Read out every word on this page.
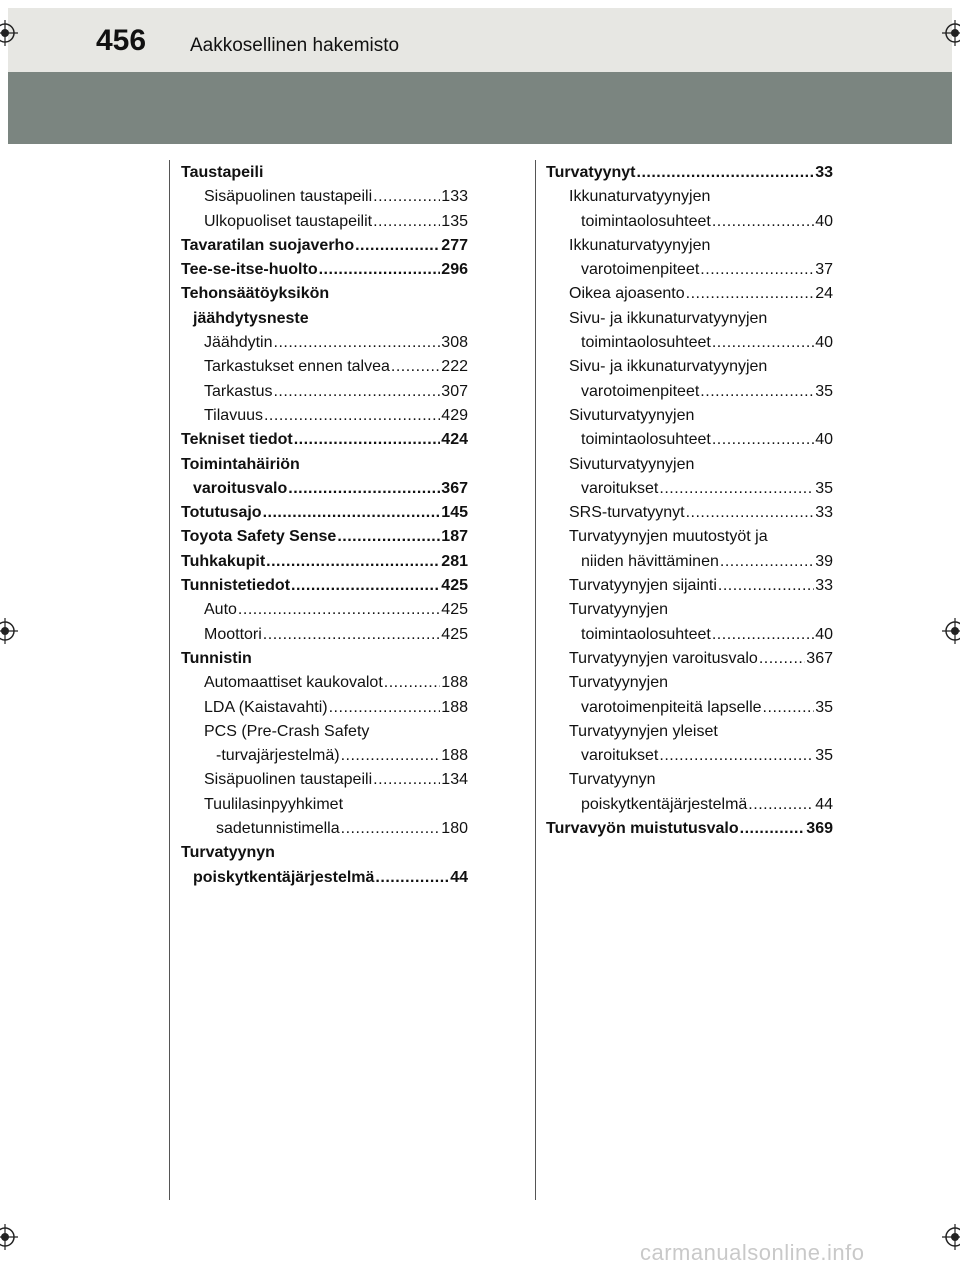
456 Aakkosellinen hakemisto
Taustapeili
Sisäpuolinen taustapeili .....	133
Ulkopuoliset taustapeilit .....	135
Tavaratilan suojaverho .....	277
Tee-se-itse-huolto .....	296
Tehonsäätöyksikön
jäähdytysneste
Jäähdytin .....	308
Tarkastukset ennen talvea .....	222
Tarkastus .....	307
Tilavuus .....	429
Tekniset tiedot .....	424
Toimintahäiriön
varoitusvalo .....	367
Totutusajo .....	145
Toyota Safety Sense .....	187
Tuhkakupit .....	281
Tunnistetiedot .....	425
Auto .....	425
Moottori .....	425
Tunnistin
Automaattiset kaukovalot .....	188
LDA (Kaistavahti) .....	188
PCS (Pre-Crash Safety
-turvajärjestelmä) .....	188
Sisäpuolinen taustapeili .....	134
Tuulilasinpyyhkimet
sadetunnistimella .....	180
Turvatyynyn
poiskytkentäjärjestelmä .....	44
Turvatyynyt .....	33
Ikkunaturvatyynyjen
toimintaolosuhteet .....	40
Ikkunaturvatyynyjen
varotoimenpiteet .....	37
Oikea ajoasento .....	24
Sivu- ja ikkunaturvatyynyjen
toimintaolosuhteet .....	40
Sivu- ja ikkunaturvatyynyjen
varotoimenpiteet .....	35
Sivuturvatyynyjen
toimintaolosuhteet .....	40
Sivuturvatyynyjen
varoitukset .....	35
SRS-turvatyynyt .....	33
Turvatyynyjen muutostyöt ja
niiden hävittäminen .....	39
Turvatyynyjen sijainti .....	33
Turvatyynyjen
toimintaolosuhteet .....	40
Turvatyynyjen varoitusvalo .....	367
Turvatyynyjen
varotoimenpiteitä lapselle .....	35
Turvatyynyjen yleiset
varoitukset .....	35
Turvatyynyn
poiskytkentäjärjestelmä .....	44
Turvavyön muistutusvalo .....	369
carmanualsonline.info
